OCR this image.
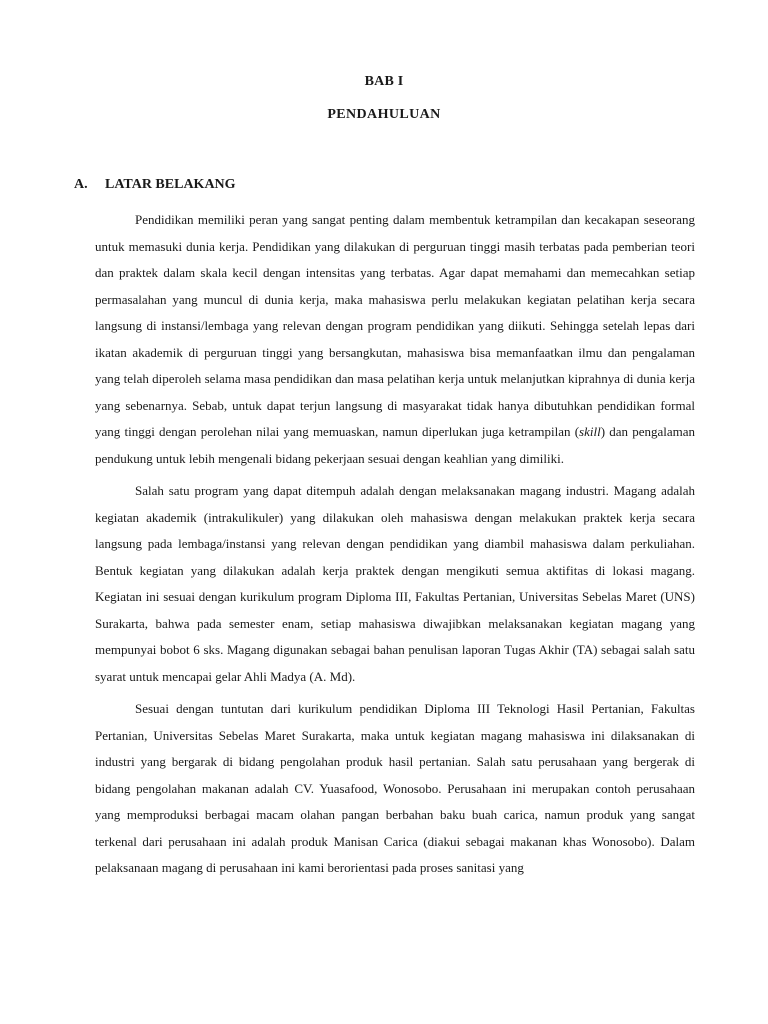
BAB I
PENDAHULUAN
A. LATAR BELAKANG

Pendidikan memiliki peran yang sangat penting dalam membentuk ketrampilan dan kecakapan seseorang untuk memasuki dunia kerja. Pendidikan yang dilakukan di perguruan tinggi masih terbatas pada pemberian teori dan praktek dalam skala kecil dengan intensitas yang terbatas. Agar dapat memahami dan memecahkan setiap permasalahan yang muncul di dunia kerja, maka mahasiswa perlu melakukan kegiatan pelatihan kerja secara langsung di instansi/lembaga yang relevan dengan program pendidikan yang diikuti. Sehingga setelah lepas dari ikatan akademik di perguruan tinggi yang bersangkutan, mahasiswa bisa memanfaatkan ilmu dan pengalaman yang telah diperoleh selama masa pendidikan dan masa pelatihan kerja untuk melanjutkan kiprahnya di dunia kerja yang sebenarnya. Sebab, untuk dapat terjun langsung di masyarakat tidak hanya dibutuhkan pendidikan formal yang tinggi dengan perolehan nilai yang memuaskan, namun diperlukan juga ketrampilan (skill) dan pengalaman pendukung untuk lebih mengenali bidang pekerjaan sesuai dengan keahlian yang dimiliki.

Salah satu program yang dapat ditempuh adalah dengan melaksanakan magang industri. Magang adalah kegiatan akademik (intrakulikuler) yang dilakukan oleh mahasiswa dengan melakukan praktek kerja secara langsung pada lembaga/instansi yang relevan dengan pendidikan yang diambil mahasiswa dalam perkuliahan. Bentuk kegiatan yang dilakukan adalah kerja praktek dengan mengikuti semua aktifitas di lokasi magang. Kegiatan ini sesuai dengan kurikulum program Diploma III, Fakultas Pertanian, Universitas Sebelas Maret (UNS) Surakarta, bahwa pada semester enam, setiap mahasiswa diwajibkan melaksanakan kegiatan magang yang mempunyai bobot 6 sks. Magang digunakan sebagai bahan penulisan laporan Tugas Akhir (TA) sebagai salah satu syarat untuk mencapai gelar Ahli Madya (A. Md).

Sesuai dengan tuntutan dari kurikulum pendidikan Diploma III Teknologi Hasil Pertanian, Fakultas Pertanian, Universitas Sebelas Maret Surakarta, maka untuk kegiatan magang mahasiswa ini dilaksanakan di industri yang bergarak di bidang pengolahan produk hasil pertanian. Salah satu perusahaan yang bergerak di bidang pengolahan makanan adalah CV. Yuasafood, Wonosobo. Perusahaan ini merupakan contoh perusahaan yang memproduksi berbagai macam olahan pangan berbahan baku buah carica, namun produk yang sangat terkenal dari perusahaan ini adalah produk Manisan Carica (diakui sebagai makanan khas Wonosobo). Dalam pelaksanaan magang di perusahaan ini kami berorientasi pada proses sanitasi yang
